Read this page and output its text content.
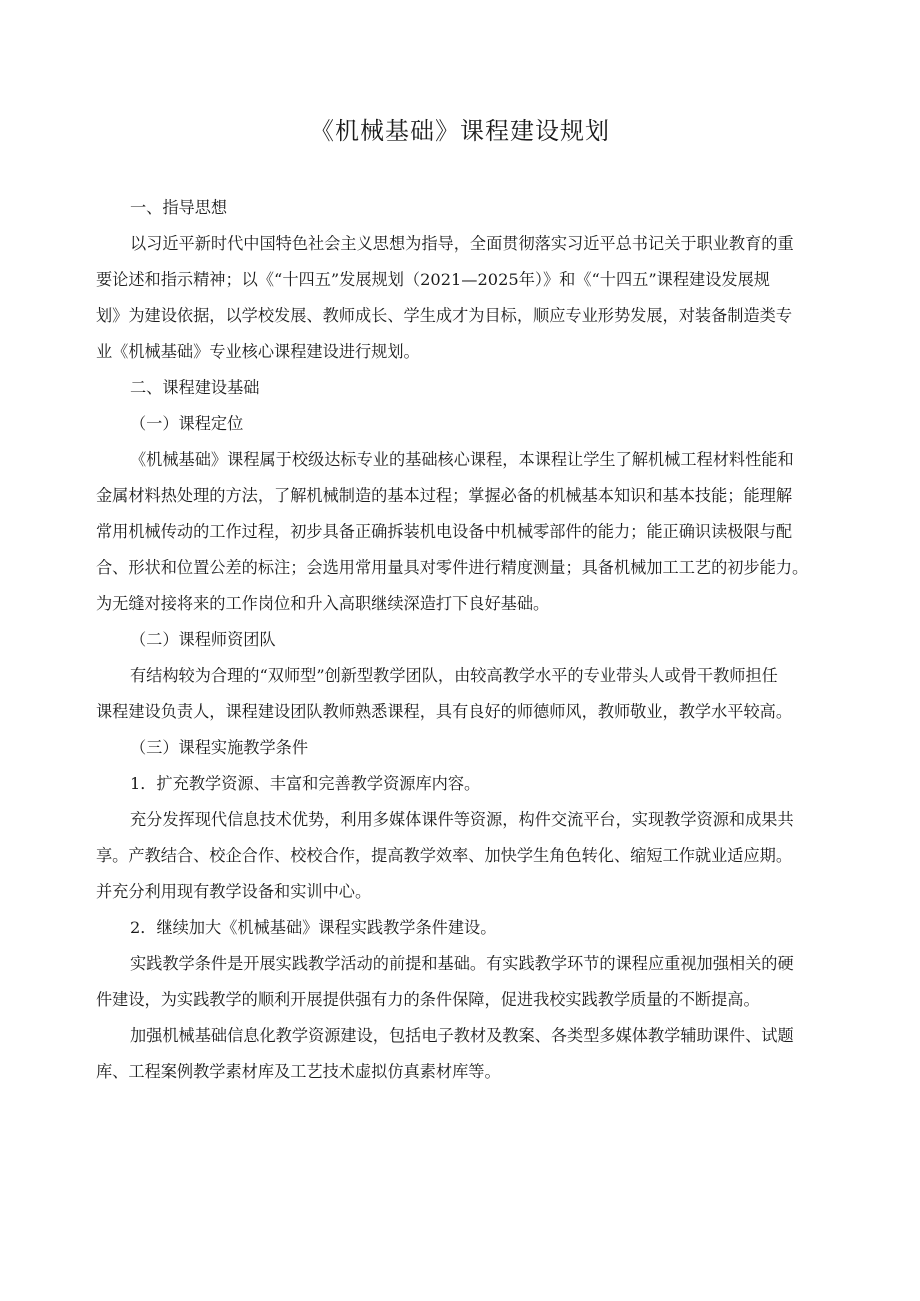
《机械基础》课程建设规划
一、指导思想
以习近平新时代中国特色社会主义思想为指导，全面贯彻落实习近平总书记关于职业教育的重
要论述和指示精神；以《“十四五”发展规划（2021—2025年）》和《“十四五”课程建设发展规
划》为建设依据，以学校发展、教师成长、学生成才为目标，顺应专业形势发展，对装备制造类专
业《机械基础》专业核心课程建设进行规划。
二、课程建设基础
（一）课程定位
《机械基础》课程属于校级达标专业的基础核心课程，本课程让学生了解机械工程材料性能和
金属材料热处理的方法，了解机械制造的基本过程；掌握必备的机械基本知识和基本技能；能理解
常用机械传动的工作过程，初步具备正确拆装机电设备中机械零部件的能力；能正确识读极限与配
合、形状和位置公差的标注；会选用常用量具对零件进行精度测量；具备机械加工工艺的初步能力。
为无缝对接将来的工作岗位和升入高职继续深造打下良好基础。
（二）课程师资团队
有结构较为合理的“双师型”创新型教学团队，由较高教学水平的专业带头人或骨干教师担任
课程建设负责人，课程建设团队教师熟悉课程，具有良好的师德师风，教师敬业，教学水平较高。
（三）课程实施教学条件
1．扩充教学资源、丰富和完善教学资源库内容。
充分发挥现代信息技术优势，利用多媒体课件等资源，构件交流平台，实现教学资源和成果共
享。产教结合、校企合作、校校合作，提高教学效率、加快学生角色转化、缩短工作就业适应期。
并充分利用现有教学设备和实训中心。
2．继续加大《机械基础》课程实践教学条件建设。
实践教学条件是开展实践教学活动的前提和基础。有实践教学环节的课程应重视加强相关的硬
件建设，为实践教学的顺利开展提供强有力的条件保障，促进我校实践教学质量的不断提高。
加强机械基础信息化教学资源建设，包括电子教材及教案、各类型多媒体教学辅助课件、试题
库、工程案例教学素材库及工艺技术虚拟仿真素材库等。
